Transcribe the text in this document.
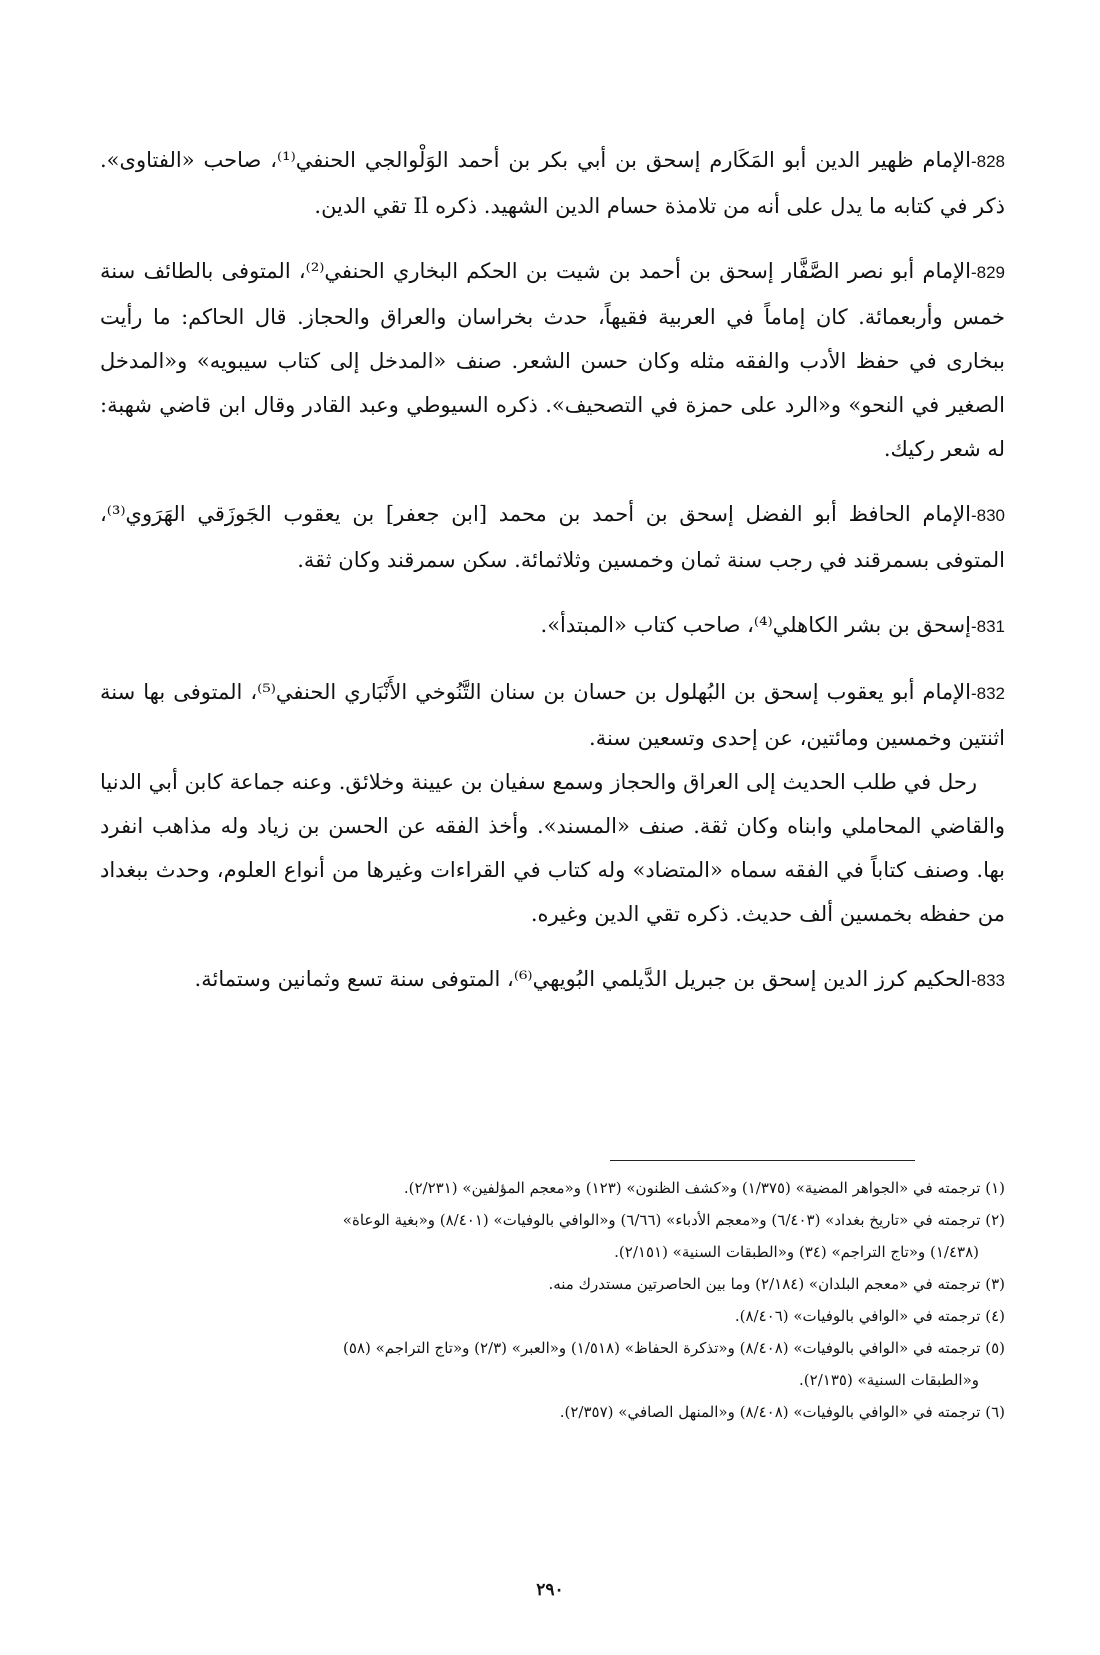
828-الإمام ظهير الدين أبو المَكَارم إسحق بن أبي بكر بن أحمد الوَلْوالجي الحنفي⁽¹⁾، صاحب «الفتاوى». ذكر في كتابه ما يدل على أنه من تلامذة حسام الدين الشهيد. ذكره Il تقي الدين.

829-الإمام أبو نصر الصَّفَّار إسحق بن أحمد بن شيت بن الحكم البخاري الحنفي⁽²⁾، المتوفى بالطائف سنة خمس وأربعمائة. كان إماماً في العربية فقيهاً، حدث بخراسان والعراق والحجاز. قال الحاكم: ما رأيت ببخارى في حفظ الأدب والفقه مثله وكان حسن الشعر. صنف «المدخل إلى كتاب سيبويه» و«المدخل الصغير في النحو» و«الرد على حمزة في التصحيف». ذكره السيوطي وعبد القادر وقال ابن قاضي شهبة: له شعر ركيك.

830-الإمام الحافظ أبو الفضل إسحق بن أحمد بن محمد [ابن جعفر] بن يعقوب الجَوزَقي الهَرَوي⁽³⁾، المتوفى بسمرقند في رجب سنة ثمان وخمسين وثلاثمائة. سكن سمرقند وكان ثقة.

831-إسحق بن بشر الكاهلي⁽⁴⁾، صاحب كتاب «المبتدأ».

832-الإمام أبو يعقوب إسحق بن البُهلول بن حسان بن سنان التَّنُوخي الأَنْبَاري الحنفي⁽⁵⁾، المتوفى بها سنة اثنتين وخمسين ومائتين، عن إحدى وتسعين سنة.

رحل في طلب الحديث إلى العراق والحجاز وسمع سفيان بن عيينة وخلائق. وعنه جماعة كابن أبي الدنيا والقاضي المحاملي وابناه وكان ثقة. صنف «المسند». وأخذ الفقه عن الحسن بن زياد وله مذاهب انفرد بها. وصنف كتاباً في الفقه سماه «المتضاد» وله كتاب في القراءات وغيرها من أنواع العلوم، وحدث ببغداد من حفظه بخمسين ألف حديث. ذكره تقي الدين وغيره.

833-الحكيم كرز الدين إسحق بن جبريل الدَّيلمي البُويهي⁽⁶⁾، المتوفى سنة تسع وثمانين وستمائة.

(١) ترجمته في «الجواهر المضية» (١/٣٧٥) و«كشف الظنون» (١٢٣) و«معجم المؤلفين» (٢/٢٣١).
(٢) ترجمته في «تاريخ بغداد» (٦/٤٠٣) و«معجم الأدباء» (٦/٦٦) و«الوافي بالوفيات» (٨/٤٠١) و«بغية الوعاة»
(١/٤٣٨) و«تاج التراجم» (٣٤) و«الطبقات السنية» (٢/١٥١).
(٣) ترجمته في «معجم البلدان» (٢/١٨٤) وما بين الحاصرتين مستدرك منه.
(٤) ترجمته في «الوافي بالوفيات» (٨/٤٠٦).
(٥) ترجمته في «الوافي بالوفيات» (٨/٤٠٨) و«تذكرة الحفاظ» (١/٥١٨) و«العبر» (٢/٣) و«تاج التراجم» (٥٨)
و«الطبقات السنية» (٢/١٣٥).
(٦) ترجمته في «الوافي بالوفيات» (٨/٤٠٨) و«المنهل الصافي» (٢/٣٥٧).
٢٩٠
